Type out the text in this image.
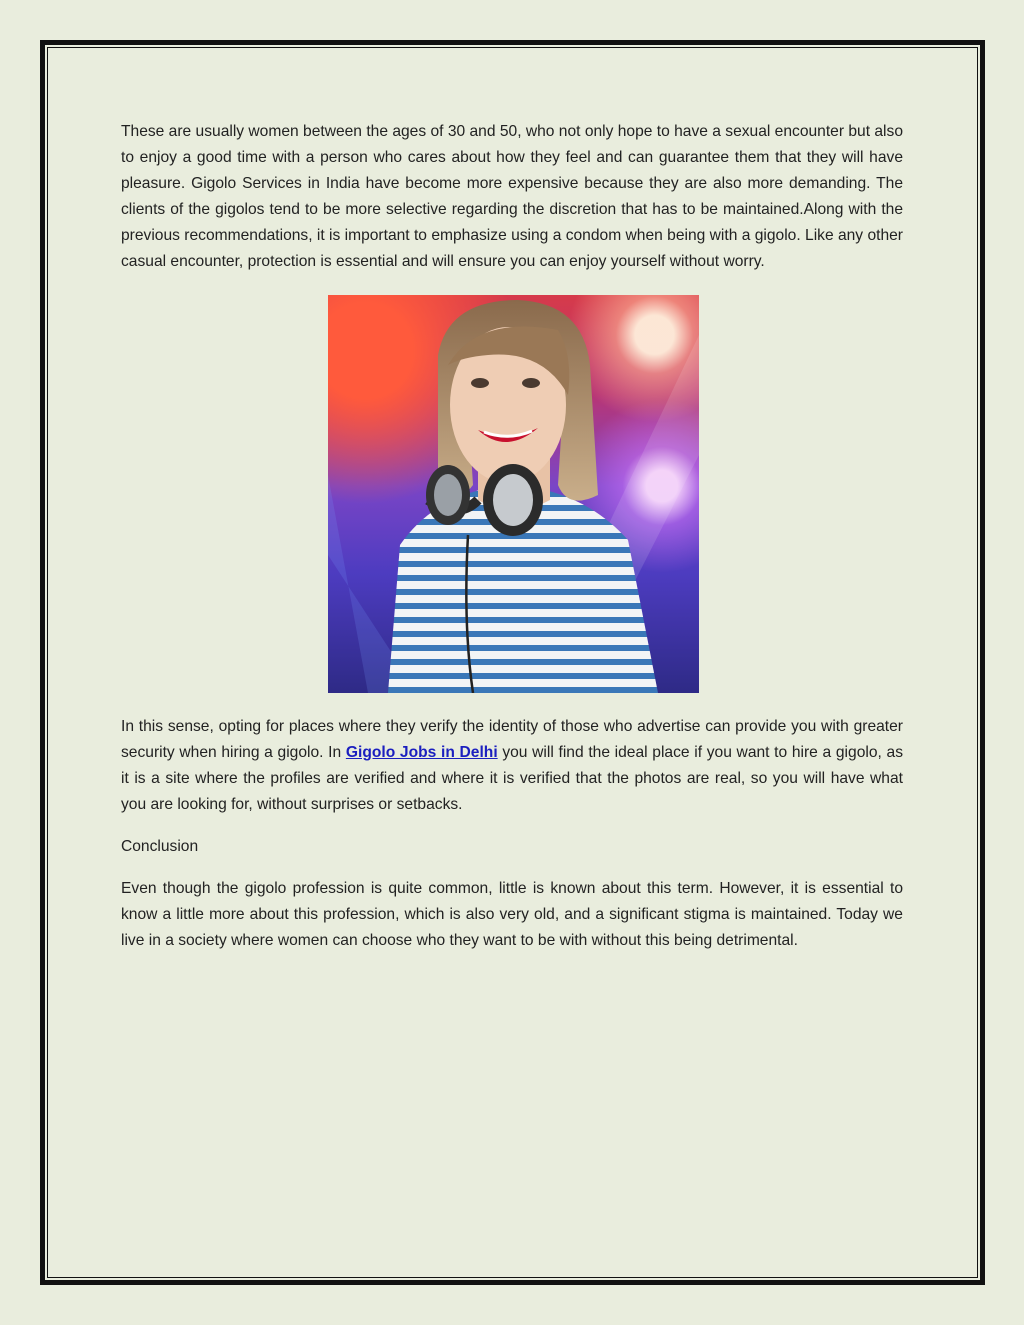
These are usually women between the ages of 30 and 50, who not only hope to have a sexual encounter but also to enjoy a good time with a person who cares about how they feel and can guarantee them that they will have pleasure. Gigolo Services in India have become more expensive because they are also more demanding. The clients of the gigolos tend to be more selective regarding the discretion that has to be maintained.Along with the previous recommendations, it is important to emphasize using a condom when being with a gigolo. Like any other casual encounter, protection is essential and will ensure you can enjoy yourself without worry.

In this sense, opting for places where they verify the identity of those who advertise can provide you with greater security when hiring a gigolo. In Gigolo Jobs in Delhi you will find the ideal place if you want to hire a gigolo, as it is a site where the profiles are verified and where it is verified that the photos are real, so you will have what you are looking for, without surprises or setbacks.

Conclusion

Even though the gigolo profession is quite common, little is known about this term. However, it is essential to know a little more about this profession, which is also very old, and a significant stigma is maintained. Today we live in a society where women can choose who they want to be with without this being detrimental.
